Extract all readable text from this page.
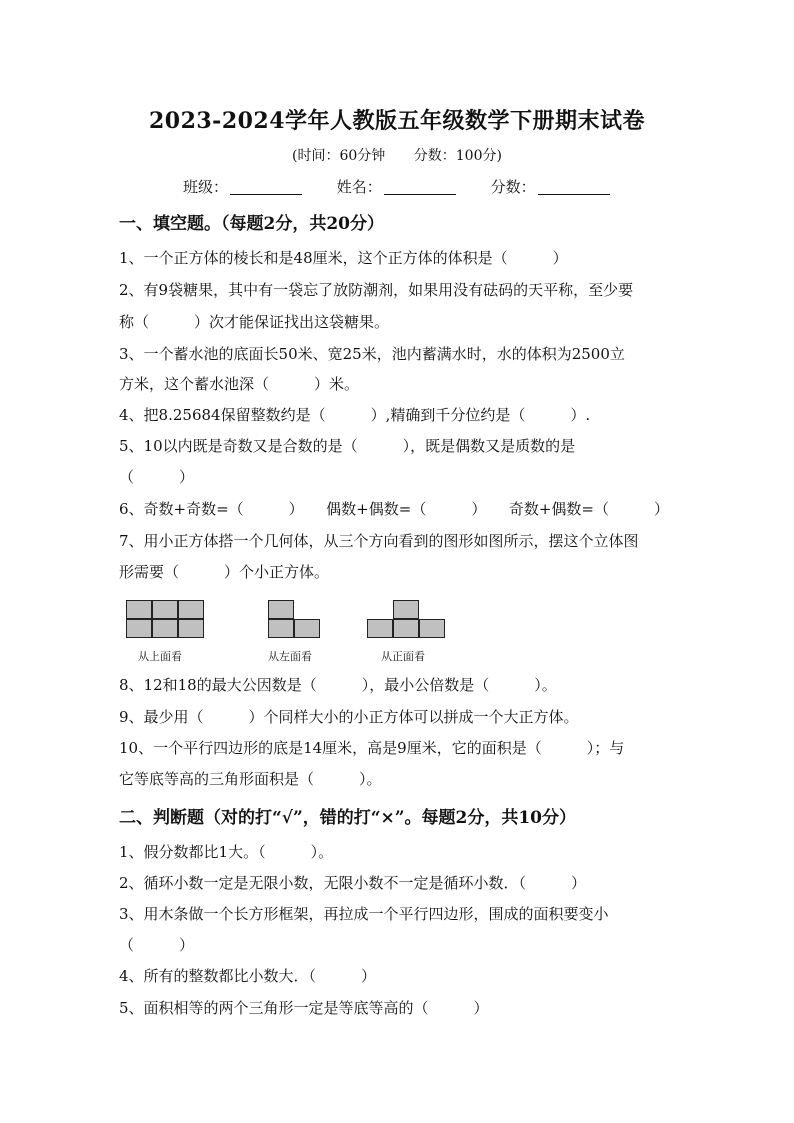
2023-2024学年人教版五年级数学下册期末试卷
(时间：60分钟 分数：100分)
班级：	姓名：	分数：
一、填空题。（每题2分，共20分）
1、一个正方体的棱长和是48厘米，这个正方体的体积是（　　　）
2、有9袋糖果，其中有一袋忘了放防潮剂，如果用没有砝码的天平称，至少要
称（　　　）次才能保证找出这袋糖果。
3、一个蓄水池的底面长50米、宽25米，池内蓄满水时，水的体积为2500立
方米，这个蓄水池深（　　　）米。
4、把8.25684保留整数约是（　　　）,精确到千分位约是（　　　）.
5、10以内既是奇数又是合数的是（　　　），既是偶数又是质数的是
（　　　）
6、奇数+奇数=（　　　）　　偶数+偶数=（　　　）　　奇数+偶数=（　　　）
7、用小正方体搭一个几何体，从三个方向看到的图形如图所示，摆这个立体图
形需要（　　　）个小正方体。
从上面看	从左面看	从正面看
8、12和18的最大公因数是（　　　），最小公倍数是（　　　）。
9、最少用（　　　）个同样大小的小正方体可以拼成一个大正方体。
10、一个平行四边形的底是14厘米，高是9厘米，它的面积是（　　　）；与
它等底等高的三角形面积是（　　　）。
二、判断题（对的打“√”，错的打“×”。每题2分，共10分）
1、假分数都比1大。（　　　）。
2、循环小数一定是无限小数，无限小数不一定是循环小数．（　　　）
3、用木条做一个长方形框架，再拉成一个平行四边形，围成的面积要变小
（　　　）
4、所有的整数都比小数大．（　　　）
5、面积相等的两个三角形一定是等底等高的（　　　）
